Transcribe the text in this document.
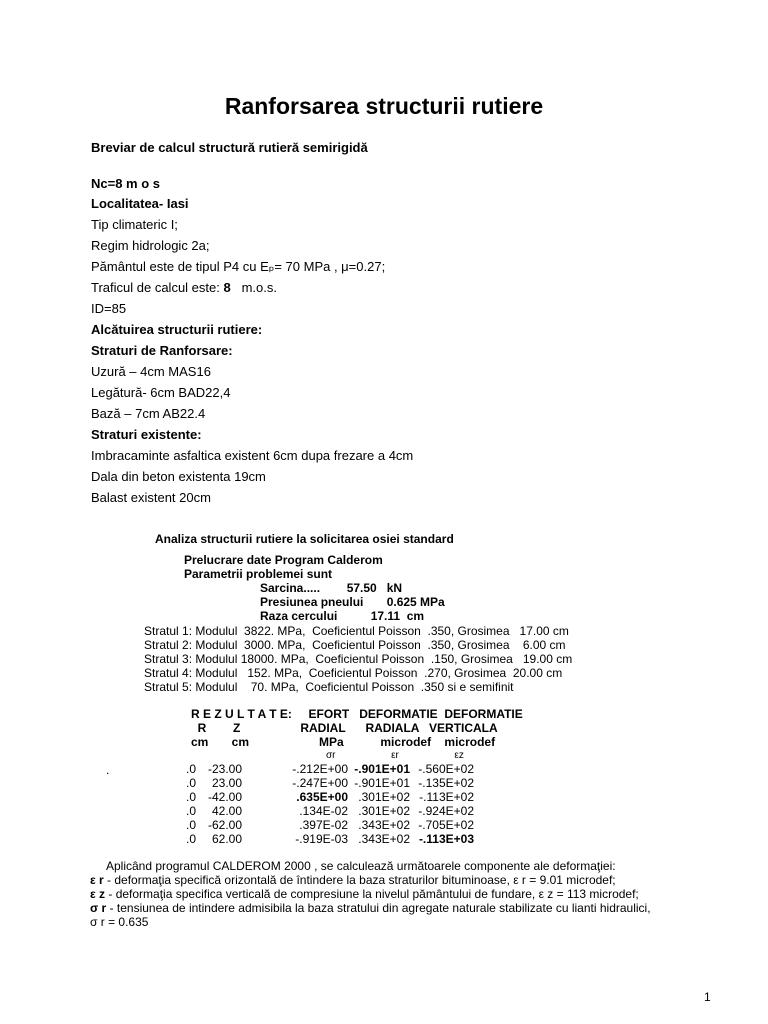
Ranforsarea structurii rutiere
Breviar de calcul structură rutieră semirigidă
Nc=8 m o s
Localitatea- Iasi
Tip climateric I;
Regim hidrologic 2a;
Pământul este de tipul P4 cu Eₚ= 70 MPa , μ=0.27;
Traficul de calcul este: 8 m.o.s.
ID=85
Alcătuirea structurii rutiere:
Straturi de Ranforsare:
Uzură – 4cm MAS16
Legătură- 6cm BAD22,4
Bază – 7cm AB22.4
Straturi existente:
Imbracaminte asfaltica existent 6cm dupa frezare a 4cm
Dala din beton existenta 19cm
Balast existent 20cm
Analiza structurii rutiere la solicitarea osiei standard
Prelucrare date Program Calderom
Parametrii problemei sunt
Sarcina.....        57.50   kN
Presiunea pneului       0.625 MPa
Raza cercului          17.11  cm
Stratul 1: Modulul  3822. MPa,  Coeficientul Poisson  .350, Grosimea   17.00 cm
Stratul 2: Modulul  3000. MPa,  Coeficientul Poisson  .350, Grosimea    6.00 cm
Stratul 3: Modulul 18000. MPa,  Coeficientul Poisson  .150, Grosimea   19.00 cm
Stratul 4: Modulul   152. MPa,  Coeficientul Poisson  .270, Grosimea  20.00 cm
Stratul 5: Modulul    70. MPa,  Coeficientul Poisson  .350 si e semifinit
R E Z U L T A T E:     EFORT   DEFORMATIE  DEFORMATIE
R        Z                  RADIAL      RADIALA   VERTICALA
cm       cm                     MPa           microdef    microdef
σr                    εr                    εz
.	.0	-23.00	-.212E+00	-.901E+01	-.560E+02
.0	23.00	-.247E+00	-.901E+01	-.135E+02
.0	-42.00	.635E+00	.301E+02	-.113E+02
.0	42.00	.134E-02	.301E+02	-.924E+02
.0	-62.00	.397E-02	.343E+02	-.705E+02
.0	62.00	-.919E-03	.343E+02	-.113E+03
Aplicând programul CALDEROM 2000 , se calculează următoarele componente ale deformaţiei:
ε r - deformaţia specifică orizontală de întindere la baza straturilor bituminoase, ε r = 9.01 microdef;
ε z - deformaţia specifica verticală de compresiune la nivelul pământului de fundare, ε z = 113 microdef;
σ r - tensiunea de intindere admisibila la baza stratului din agregate naturale stabilizate cu lianti hidraulici,
σ r = 0.635
1
